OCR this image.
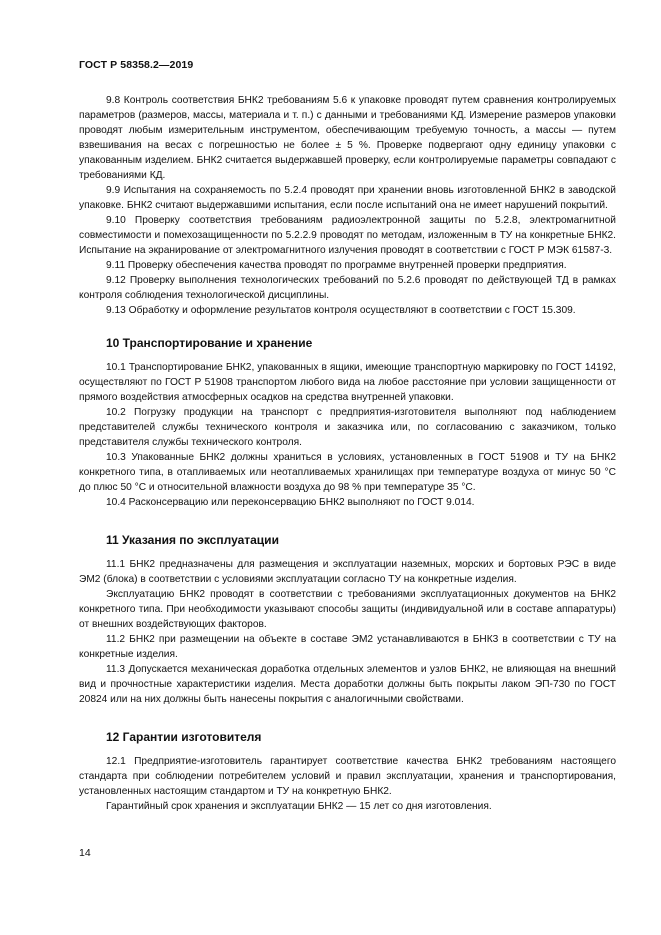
ГОСТ Р 58358.2—2019

9.8 Контроль соответствия БНК2 требованиям 5.6 к упаковке проводят путем сравнения контролируемых параметров (размеров, массы, материала и т. п.) с данными и требованиями КД. Измерение размеров упаковки проводят любым измерительным инструментом, обеспечивающим требуемую точность, а массы — путем взвешивания на весах с погрешностью не более ± 5 %. Проверке подвергают одну единицу упаковки с упакованным изделием. БНК2 считается выдержавшей проверку, если контролируемые параметры совпадают с требованиями КД.

9.9 Испытания на сохраняемость по 5.2.4 проводят при хранении вновь изготовленной БНК2 в заводской упаковке. БНК2 считают выдержавшими испытания, если после испытаний она не имеет нарушений покрытий.

9.10 Проверку соответствия требованиям радиоэлектронной защиты по 5.2.8, электромагнитной совместимости и помехозащищенности по 5.2.2.9 проводят по методам, изложенным в ТУ на конкретные БНК2. Испытание на экранирование от электромагнитного излучения проводят в соответствии с ГОСТ Р МЭК 61587-3.

9.11 Проверку обеспечения качества проводят по программе внутренней проверки предприятия.

9.12 Проверку выполнения технологических требований по 5.2.6 проводят по действующей ТД в рамках контроля соблюдения технологической дисциплины.

9.13 Обработку и оформление результатов контроля осуществляют в соответствии с ГОСТ 15.309.

10 Транспортирование и хранение

10.1 Транспортирование БНК2, упакованных в ящики, имеющие транспортную маркировку по ГОСТ 14192, осуществляют по ГОСТ Р 51908 транспортом любого вида на любое расстояние при условии защищенности от прямого воздействия атмосферных осадков на средства внутренней упаковки.

10.2 Погрузку продукции на транспорт с предприятия-изготовителя выполняют под наблюдением представителей службы технического контроля и заказчика или, по согласованию с заказчиком, только представителя службы технического контроля.

10.3 Упакованные БНК2 должны храниться в условиях, установленных в ГОСТ 51908 и ТУ на БНК2 конкретного типа, в отапливаемых или неотапливаемых хранилищах при температуре воздуха от минус 50 °C до плюс 50 °C и относительной влажности воздуха до 98 % при температуре 35 °C.

10.4 Расконсервацию или переконсервацию БНК2 выполняют по ГОСТ 9.014.

11 Указания по эксплуатации

11.1 БНК2 предназначены для размещения и эксплуатации наземных, морских и бортовых РЭС в виде ЭМ2 (блока) в соответствии с условиями эксплуатации согласно ТУ на конкретные изделия.

Эксплуатацию БНК2 проводят в соответствии с требованиями эксплуатационных документов на БНК2 конкретного типа. При необходимости указывают способы защиты (индивидуальной или в составе аппаратуры) от внешних воздействующих факторов.

11.2 БНК2 при размещении на объекте в составе ЭМ2 устанавливаются в БНК3 в соответствии с ТУ на конкретные изделия.

11.3 Допускается механическая доработка отдельных элементов и узлов БНК2, не влияющая на внешний вид и прочностные характеристики изделия. Места доработки должны быть покрыты лаком ЭП-730 по ГОСТ 20824 или на них должны быть нанесены покрытия с аналогичными свойствами.

12 Гарантии изготовителя

12.1 Предприятие-изготовитель гарантирует соответствие качества БНК2 требованиям настоящего стандарта при соблюдении потребителем условий и правил эксплуатации, хранения и транспортирования, установленных настоящим стандартом и ТУ на конкретную БНК2.

Гарантийный срок хранения и эксплуатации БНК2 — 15 лет со дня изготовления.

14
